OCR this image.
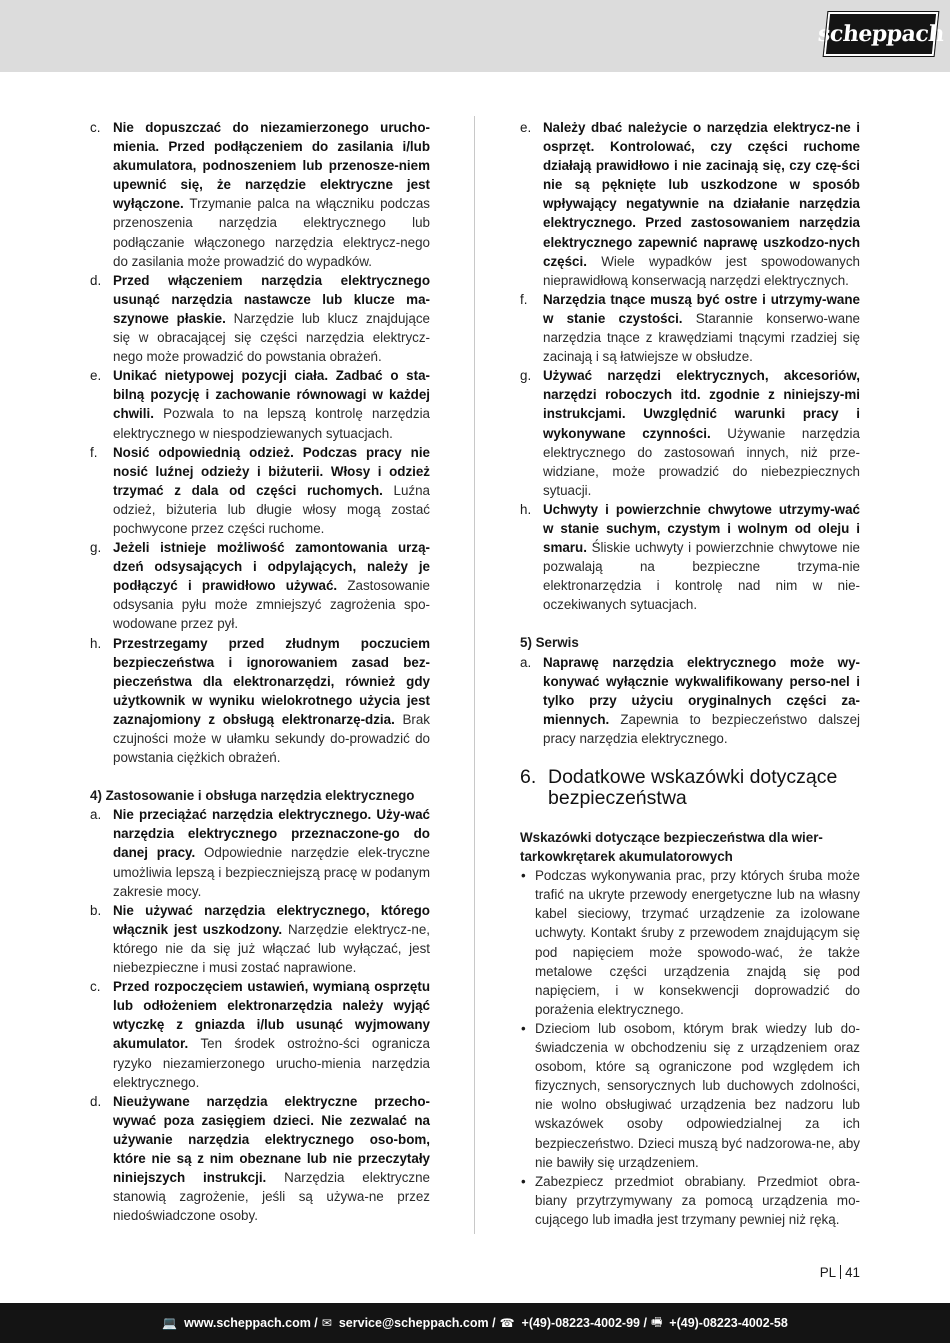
scheppach
c. Nie dopuszczać do niezamierzonego urucho-mienia. Przed podłączeniem do zasilania i/lub akumulatora, podnoszeniem lub przenosze-niem upewnić się, że narzędzie elektryczne jest wyłączone. Trzymanie palca na włączniku podczas przenoszenia narzędzia elektrycznego lub podłączanie włączonego narzędzia elektrycz-nego do zasilania może prowadzić do wypadków.
d. Przed włączeniem narzędzia elektrycznego usunąć narzędzia nastawcze lub klucze ma-szynowe płaskie. Narzędzie lub klucz znajdujące się w obracającej się części narzędzia elektrycz-nego może prowadzić do powstania obrażeń.
e. Unikać nietypowej pozycji ciała. Zadbać o sta-bilną pozycję i zachowanie równowagi w każdej chwili. Pozwala to na lepszą kontrolę narzędzia elektrycznego w niespodziewanych sytuacjach.
f. Nosić odpowiednią odzież. Podczas pracy nie nosić luźnej odzieży i biżuterii. Włosy i odzież trzymać z dala od części ruchomych. Luźna odzież, biżuteria lub długie włosy mogą zostać pochwycone przez części ruchome.
g. Jeżeli istnieje możliwość zamontowania urzą-dzeń odsysających i odpylających, należy je podłączyć i prawidłowo używać. Zastosowanie odsysania pyłu może zmniejszyć zagrożenia spo-wodowane przez pył.
h. Przestrzegamy przed złudnym poczuciem bezpieczeństwa i ignorowaniem zasad bez-pieczeństwa dla elektronarzędzi, również gdy użytkownik w wyniku wielokrotnego użycia jest zaznajomiony z obsługą elektronarzę-dzia. Brak czujności może w ułamku sekundy do-prowadzić do powstania ciężkich obrażeń.
4) Zastosowanie i obsługa narzędzia elektrycznego
a. Nie przeciążać narzędzia elektrycznego. Uży-wać narzędzia elektrycznego przeznaczone-go do danej pracy. Odpowiednie narzędzie elek-tryczne umożliwia lepszą i bezpieczniejszą pracę w podanym zakresie mocy.
b. Nie używać narzędzia elektrycznego, którego włącznik jest uszkodzony. Narzędzie elektrycz-ne, którego nie da się już włączać lub wyłączać, jest niebezpieczne i musi zostać naprawione.
c. Przed rozpoczęciem ustawień, wymianą osprzętu lub odłożeniem elektronarzędzia należy wyjąć wtyczkę z gniazda i/lub usunąć wyjmowany akumulator. Ten środek ostrożno-ści ogranicza ryzyko niezamierzonego urucho-mienia narzędzia elektrycznego.
d. Nieużywane narzędzia elektryczne przecho-wywać poza zasięgiem dzieci. Nie zezwalać na używanie narzędzia elektrycznego oso-bom, które nie są z nim obeznane lub nie przeczytały niniejszych instrukcji. Narzędzia elektryczne stanowią zagrożenie, jeśli są używa-ne przez niedoświadczone osoby.
e. Należy dbać należycie o narzędzia elektrycz-ne i osprzęt. Kontrolować, czy części ruchome działają prawidłowo i nie zacinają się, czy czę-ści nie są pęknięte lub uszkodzone w sposób wpływający negatywnie na działanie narzędzia elektrycznego. Przed zastosowaniem narzędzia elektrycznego zapewnić naprawę uszkodzo-nych części. Wiele wypadków jest spowodowanych nieprawidłową konserwacją narzędzi elektrycznych.
f. Narzędzia tnące muszą być ostre i utrzymy-wane w stanie czystości. Starannie konserwo-wane narzędzia tnące z krawędziami tnącymi rzadziej się zacinają i są łatwiejsze w obsłudze.
g. Używać narzędzi elektrycznych, akcesoriów, narzędzi roboczych itd. zgodnie z niniejszy-mi instrukcjami. Uwzględnić warunki pracy i wykonywane czynności. Używanie narzędzia elektrycznego do zastosowań innych, niż prze-widziane, może prowadzić do niebezpiecznych sytuacji.
h. Uchwyty i powierzchnie chwytowe utrzymy-wać w stanie suchym, czystym i wolnym od oleju i smaru. Śliskie uchwyty i powierzchnie chwytowe nie pozwalają na bezpieczne trzyma-nie elektronarzędzia i kontrolę nad nim w nie-oczekiwanych sytuacjach.
5) Serwis
a. Naprawę narzędzia elektrycznego może wy-konywać wyłącznie wykwalifikowany perso-nel i tylko przy użyciu oryginalnych części za-miennych. Zapewnia to bezpieczeństwo dalszej pracy narzędzia elektrycznego.
6. Dodatkowe wskazówki dotyczące bezpieczeństwa
Wskazówki dotyczące bezpieczeństwa dla wier-tarkowkrętarek akumulatorowych
• Podczas wykonywania prac, przy których śruba może trafić na ukryte przewody energetyczne lub na własny kabel sieciowy, trzymać urządzenie za izolowane uchwyty. Kontakt śruby z przewodem znajdującym się pod napięciem może spowodo-wać, że także metalowe części urządzenia znajdą się pod napięciem, i w konsekwencji doprowadzić do porażenia elektrycznego.
• Dzieciom lub osobom, którym brak wiedzy lub do-świadczenia w obchodzeniu się z urządzeniem oraz osobom, które są ograniczone pod względem ich fizycznych, sensorycznych lub duchowych zdolności, nie wolno obsługiwać urządzenia bez nadzoru lub wskazówek osoby odpowiedzialnej za ich bezpieczeństwo. Dzieci muszą być nadzorowa-ne, aby nie bawiły się urządzeniem.
• Zabezpiecz przedmiot obrabiany. Przedmiot obra-biany przytrzymywany za pomocą urządzenia mo-cującego lub imadła jest trzymany pewniej niż ręką.
PL 41
💻 www.scheppach.com / ✉ service@scheppach.com / ☎ +(49)-08223-4002-99 / 🖷 +(49)-08223-4002-58
